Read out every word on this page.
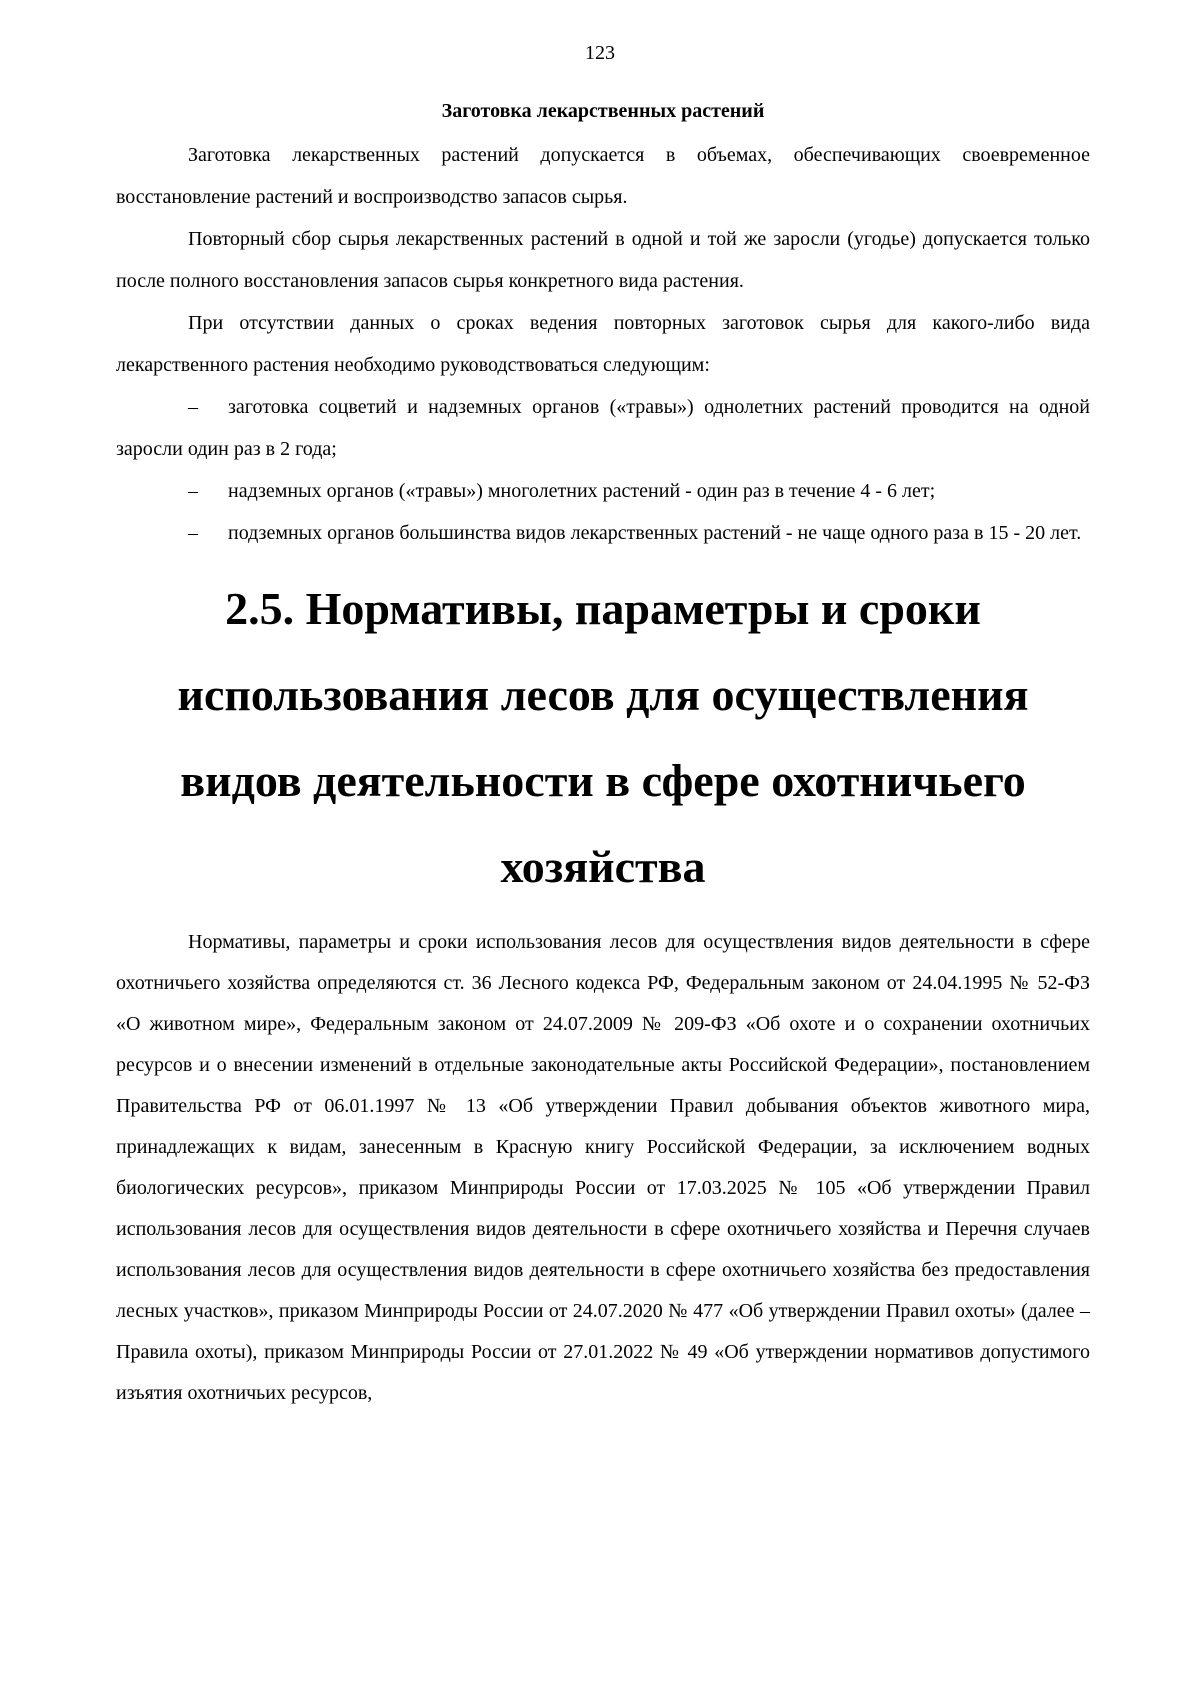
123
Заготовка лекарственных растений

Заготовка лекарственных растений допускается в объемах, обеспечивающих своевременное восстановление растений и воспроизводство запасов сырья.

Повторный сбор сырья лекарственных растений в одной и той же заросли (угодье) допускается только после полного восстановления запасов сырья конкретного вида растения.

При отсутствии данных о сроках ведения повторных заготовок сырья для какого-либо вида лекарственного растения необходимо руководствоваться следующим:

– заготовка соцветий и надземных органов («травы») однолетних растений проводится на одной заросли один раз в 2 года;

– надземных органов («травы») многолетних растений - один раз в течение 4 - 6 лет;

– подземных органов большинства видов лекарственных растений - не чаще одного раза в 15 - 20 лет.

2.5. Нормативы, параметры и сроки использования лесов для осуществления видов деятельности в сфере охотничьего хозяйства

Нормативы, параметры и сроки использования лесов для осуществления видов деятельности в сфере охотничьего хозяйства определяются ст. 36 Лесного кодекса РФ, Федеральным законом от 24.04.1995 № 52-ФЗ «О животном мире», Федеральным законом от 24.07.2009 № 209-ФЗ «Об охоте и о сохранении охотничьих ресурсов и о внесении изменений в отдельные законодательные акты Российской Федерации», постановлением Правительства РФ от 06.01.1997 № 13 «Об утверждении Правил добывания объектов животного мира, принадлежащих к видам, занесенным в Красную книгу Российской Федерации, за исключением водных биологических ресурсов», приказом Минприроды России от 17.03.2025 № 105 «Об утверждении Правил использования лесов для осуществления видов деятельности в сфере охотничьего хозяйства и Перечня случаев использования лесов для осуществления видов деятельности в сфере охотничьего хозяйства без предоставления лесных участков», приказом Минприроды России от 24.07.2020 № 477 «Об утверждении Правил охоты» (далее – Правила охоты), приказом Минприроды России от 27.01.2022 № 49 «Об утверждении нормативов допустимого изъятия охотничьих ресурсов,
